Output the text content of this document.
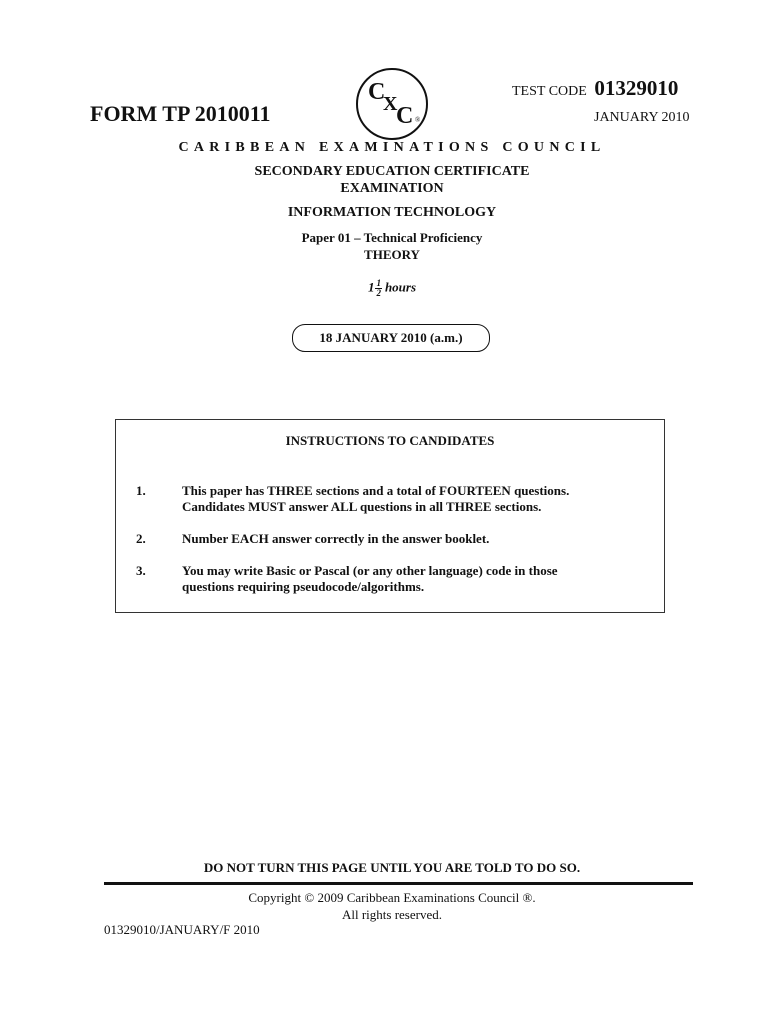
FORM TP 2010011
C
X
C ®
TEST CODE 01329010
JANUARY 2010
CARIBBEAN EXAMINATIONS COUNCIL
SECONDARY EDUCATION CERTIFICATE
EXAMINATION
INFORMATION TECHNOLOGY
Paper 01 – Technical Proficiency
THEORY
$1 \frac{1}{2}$ hours
18 JANUARY 2010 (a.m.)
INSTRUCTIONS TO CANDIDATES
1.	This paper has THREE sections and a total of FOURTEEN questions.
Candidates MUST answer ALL questions in all THREE sections.
2.	Number EACH answer correctly in the answer booklet.
3.	You may write Basic or Pascal (or any other language) code in those
questions requiring pseudocode/algorithms.
DO NOT TURN THIS PAGE UNTIL YOU ARE TOLD TO DO SO.
Copyright © 2009 Caribbean Examinations Council ®.
All rights reserved.
01329010/JANUARY/F 2010
